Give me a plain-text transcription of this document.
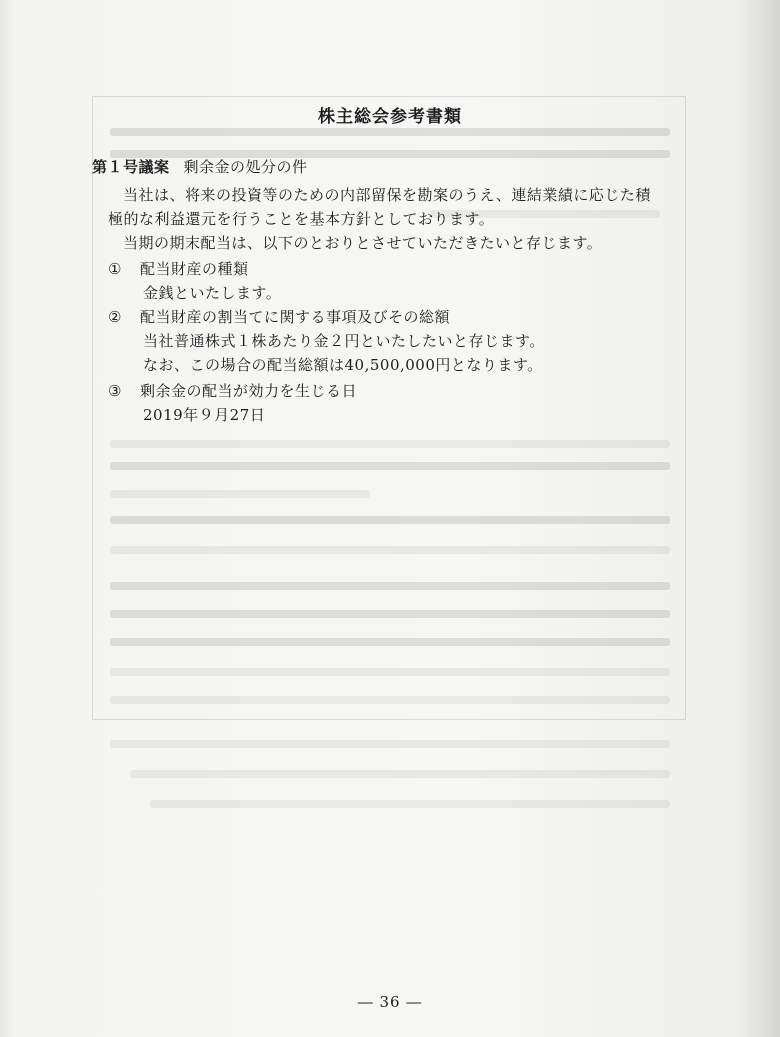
株主総会参考書類
第１号議案 剰余金の処分の件
当社は、将来の投資等のための内部留保を勘案のうえ、連結業績に応じた積
極的な利益還元を行うことを基本方針としております。
当期の期末配当は、以下のとおりとさせていただきたいと存じます。
① 配当財産の種類
金銭といたします。
② 配当財産の割当てに関する事項及びその総額
当社普通株式１株あたり金２円といたしたいと存じます。
なお、この場合の配当総額は40,500,000円となります。
③ 剰余金の配当が効力を生じる日
2019年９月27日
― 36 ―
